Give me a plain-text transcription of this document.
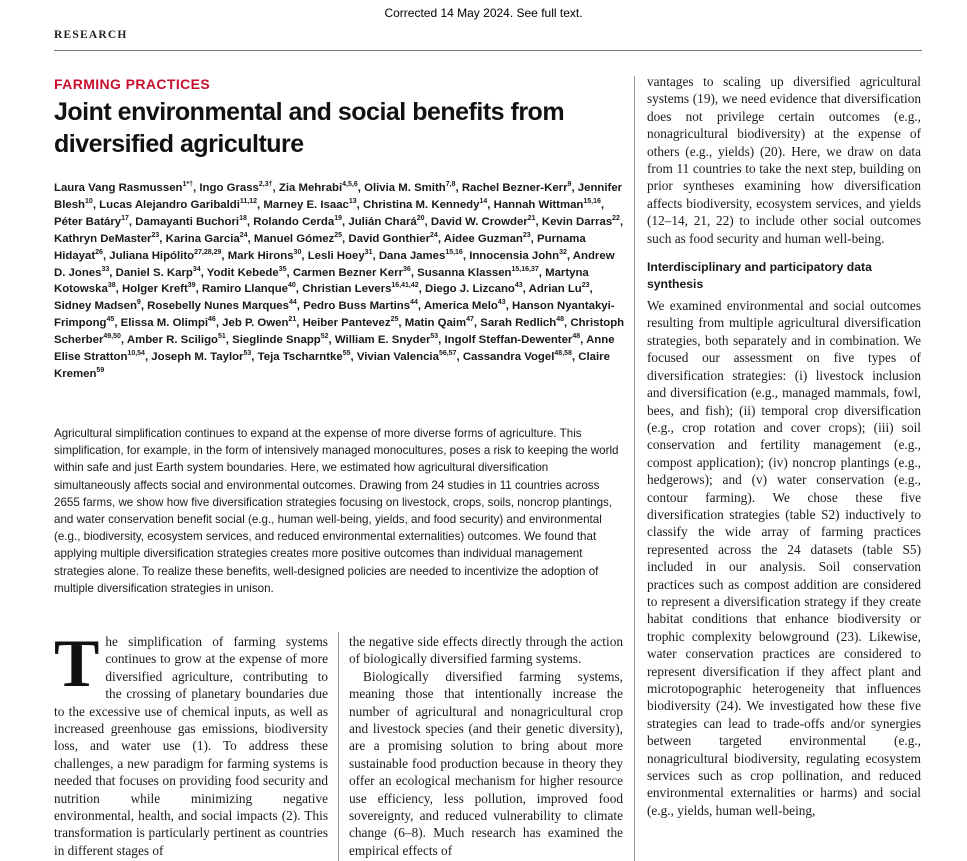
Corrected 14 May 2024. See full text.
RESEARCH
FARMING PRACTICES
Joint environmental and social benefits from diversified agriculture
Laura Vang Rasmussen$^{1*\dagger}$, Ingo Grass$^{2,3\dagger}$, Zia Mehrabi$^{4,5,6}$, Olivia M. Smith$^{7,8}$, Rachel Bezner-Kerr$^9$, Jennifer Blesh$^{10}$, Lucas Alejandro Garibaldi$^{11,12}$, Marney E. Isaac$^{13}$, Christina M. Kennedy$^{14}$, Hannah Wittman$^{15,16}$, Péter Batáry$^{17}$, Damayanti Buchori$^{18}$, Rolando Cerda$^{19}$, Julián Chará$^{20}$, David W. Crowder$^{21}$, Kevin Darras$^{22}$, Kathryn DeMaster$^{23}$, Karina Garcia$^{24}$, Manuel Gómez$^{25}$, David Gonthier$^{24}$, Aidee Guzman$^{23}$, Purnama Hidayat$^{26}$, Juliana Hipólito$^{27,28,29}$, Mark Hirons$^{30}$, Lesli Hoey$^{31}$, Dana James$^{15,16}$, Innocensia John$^{32}$, Andrew D. Jones$^{33}$, Daniel S. Karp$^{34}$, Yodit Kebede$^{35}$, Carmen Bezner Kerr$^{36}$, Susanna Klassen$^{15,16,37}$, Martyna Kotowska$^{38}$, Holger Kreft$^{39}$, Ramiro Llanque$^{40}$, Christian Levers$^{16,41,42}$, Diego J. Lizcano$^{43}$, Adrian Lu$^{23}$, Sidney Madsen$^9$, Rosebelly Nunes Marques$^{44}$, Pedro Buss Martins$^{44}$, America Melo$^{43}$, Hanson Nyantakyi-Frimpong$^{45}$, Elissa M. Olimpi$^{46}$, Jeb P. Owen$^{21}$, Heiber Pantevez$^{25}$, Matin Qaim$^{47}$, Sarah Redlich$^{48}$, Christoph Scherber$^{49,50}$, Amber R. Sciligo$^{51}$, Sieglinde Snapp$^{52}$, William E. Snyder$^{53}$, Ingolf Steffan-Dewenter$^{48}$, Anne Elise Stratton$^{10,54}$, Joseph M. Taylor$^{53}$, Teja Tscharntke$^{55}$, Vivian Valencia$^{56,57}$, Cassandra Vogel$^{48,58}$, Claire Kremen$^{59}$
Agricultural simplification continues to expand at the expense of more diverse forms of agriculture. This simplification, for example, in the form of intensively managed monocultures, poses a risk to keeping the world within safe and just Earth system boundaries. Here, we estimated how agricultural diversification simultaneously affects social and environmental outcomes. Drawing from 24 studies in 11 countries across 2655 farms, we show how five diversification strategies focusing on livestock, crops, soils, noncrop plantings, and water conservation benefit social (e.g., human well-being, yields, and food security) and environmental (e.g., biodiversity, ecosystem services, and reduced environmental externalities) outcomes. We found that applying multiple diversification strategies creates more positive outcomes than individual management strategies alone. To realize these benefits, well-designed policies are needed to incentivize the adoption of multiple diversification strategies in unison.

The simplification of farming systems continues to grow at the expense of more diversified agriculture, contributing to the crossing of planetary boundaries due to the excessive use of chemical inputs, as well as increased greenhouse gas emissions, biodiversity loss, and water use (1). To address these challenges, a new paradigm for farming systems is needed that focuses on providing food security and nutrition while minimizing negative environmental, health, and social impacts (2). This transformation is particularly pertinent as countries in different stages of

the negative side effects directly through the action of biologically diversified farming systems.

Biologically diversified farming systems, meaning those that intentionally increase the number of agricultural and nonagricultural crop and livestock species (and their genetic diversity), are a promising solution to bring about more sustainable food production because in theory they offer an ecological mechanism for higher resource use efficiency, less pollution, improved food sovereignty, and reduced vulnerability to climate change (6–8). Much research has examined the empirical effects of

vantages to scaling up diversified agricultural systems (19), we need evidence that diversification does not privilege certain outcomes (e.g., nonagricultural biodiversity) at the expense of others (e.g., yields) (20). Here, we draw on data from 11 countries to take the next step, building on prior syntheses examining how diversification affects biodiversity, ecosystem services, and yields (12–14, 21, 22) to include other social outcomes such as food security and human well-being.

Interdisciplinary and participatory data synthesis

We examined environmental and social outcomes resulting from multiple agricultural diversification strategies, both separately and in combination. We focused our assessment on five types of diversification strategies: (i) livestock inclusion and diversification (e.g., managed mammals, fowl, bees, and fish); (ii) temporal crop diversification (e.g., crop rotation and cover crops); (iii) soil conservation and fertility management (e.g., compost application); (iv) noncrop plantings (e.g., hedgerows); and (v) water conservation (e.g., contour farming). We chose these five diversification strategies (table S2) inductively to classify the wide array of farming practices represented across the 24 datasets (table S5) included in our analysis. Soil conservation practices such as compost addition are considered to represent a diversification strategy if they create habitat conditions that enhance biodiversity or trophic complexity belowground (23). Likewise, water conservation practices are considered to represent diversification if they affect plant and microtopographic heterogeneity that influences biodiversity (24). We investigated how these five strategies can lead to trade-offs and/or synergies between targeted environmental (e.g., nonagricultural biodiversity, regulating ecosystem services such as crop pollination, and reduced environmental externalities or harms) and social (e.g., yields, human well-being,
